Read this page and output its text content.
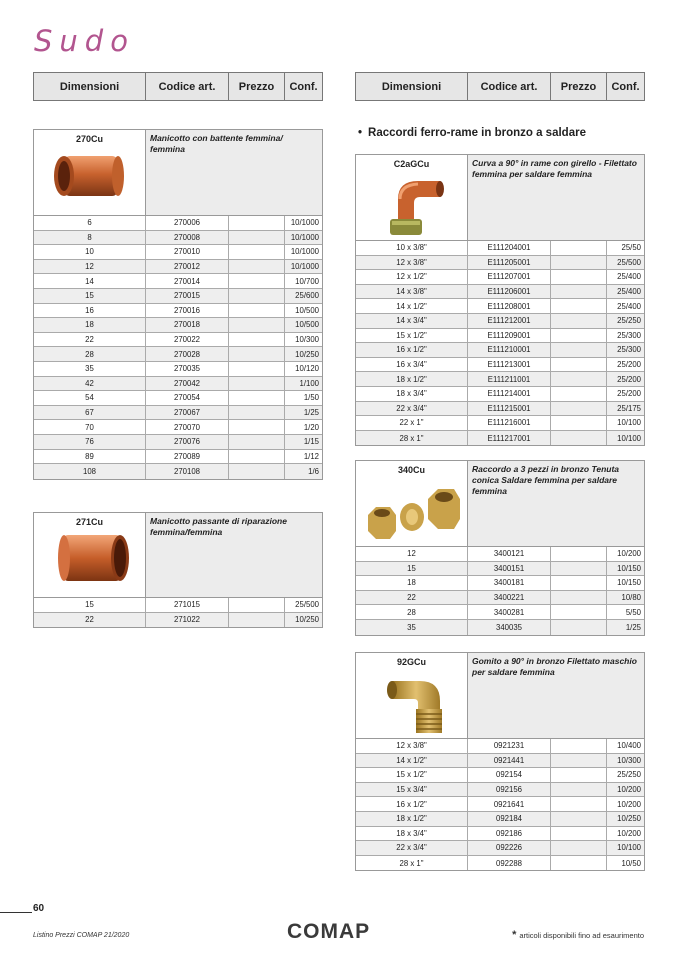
Sudo
Dimensioni	Codice art.	Prezzo	Conf.	Dimensioni	Codice art.	Prezzo	Conf.
• Raccordi ferro-rame in bronzo a saldare
270Cu	Manicotto con battente femmina/ femmina
6	270006	10/1000
8	270008	10/1000
10	270010	10/1000
12	270012	10/1000
14	270014	10/700
15	270015	25/600
16	270016	10/500
18	270018	10/500
22	270022	10/300
28	270028	10/250
35	270035	10/120
42	270042	1/100
54	270054	1/50
67	270067	1/25
70	270070	1/20
76	270076	1/15
89	270089	1/12
108	270108	1/6
271Cu	Manicotto passante di riparazione femmina/femmina
15	271015	25/500
22	271022	10/250
C2aGCu	Curva a 90° in rame con girello - Filettato femmina per saldare femmina
10 x 3/8"	E111204001	25/50
12 x 3/8"	E111205001	25/500
12 x 1/2"	E111207001	25/400
14 x 3/8"	E111206001	25/400
14 x 1/2"	E111208001	25/400
14 x 3/4"	E111212001	25/250
15 x 1/2"	E111209001	25/300
16 x 1/2"	E111210001	25/300
16 x 3/4"	E111213001	25/200
18 x 1/2"	E111211001	25/200
18 x 3/4"	E111214001	25/200
22 x 3/4"	E111215001	25/175
22 x 1"	E111216001	10/100
28 x 1"	E111217001	10/100
340Cu	Raccordo a 3 pezzi in bronzo Tenuta conica Saldare femmina per saldare femmina
12	3400121	10/200
15	3400151	10/150
18	3400181	10/150
22	3400221	10/80
28	3400281	5/50
35	340035	1/25
92GCu	Gomito a 90° in bronzo Filettato maschio per saldare femmina
12 x 3/8"	0921231	10/400
14 x 1/2"	0921441	10/300
15 x 1/2"	092154	25/250
15 x 3/4"	092156	10/200
16 x 1/2"	0921641	10/200
18 x 1/2"	092184	10/250
18 x 3/4"	092186	10/200
22 x 3/4"	092226	10/100
28 x 1"	092288	10/50
60
Listino Prezzi COMAP 21/2020	COMAP	* articoli disponibili fino ad esaurimento
